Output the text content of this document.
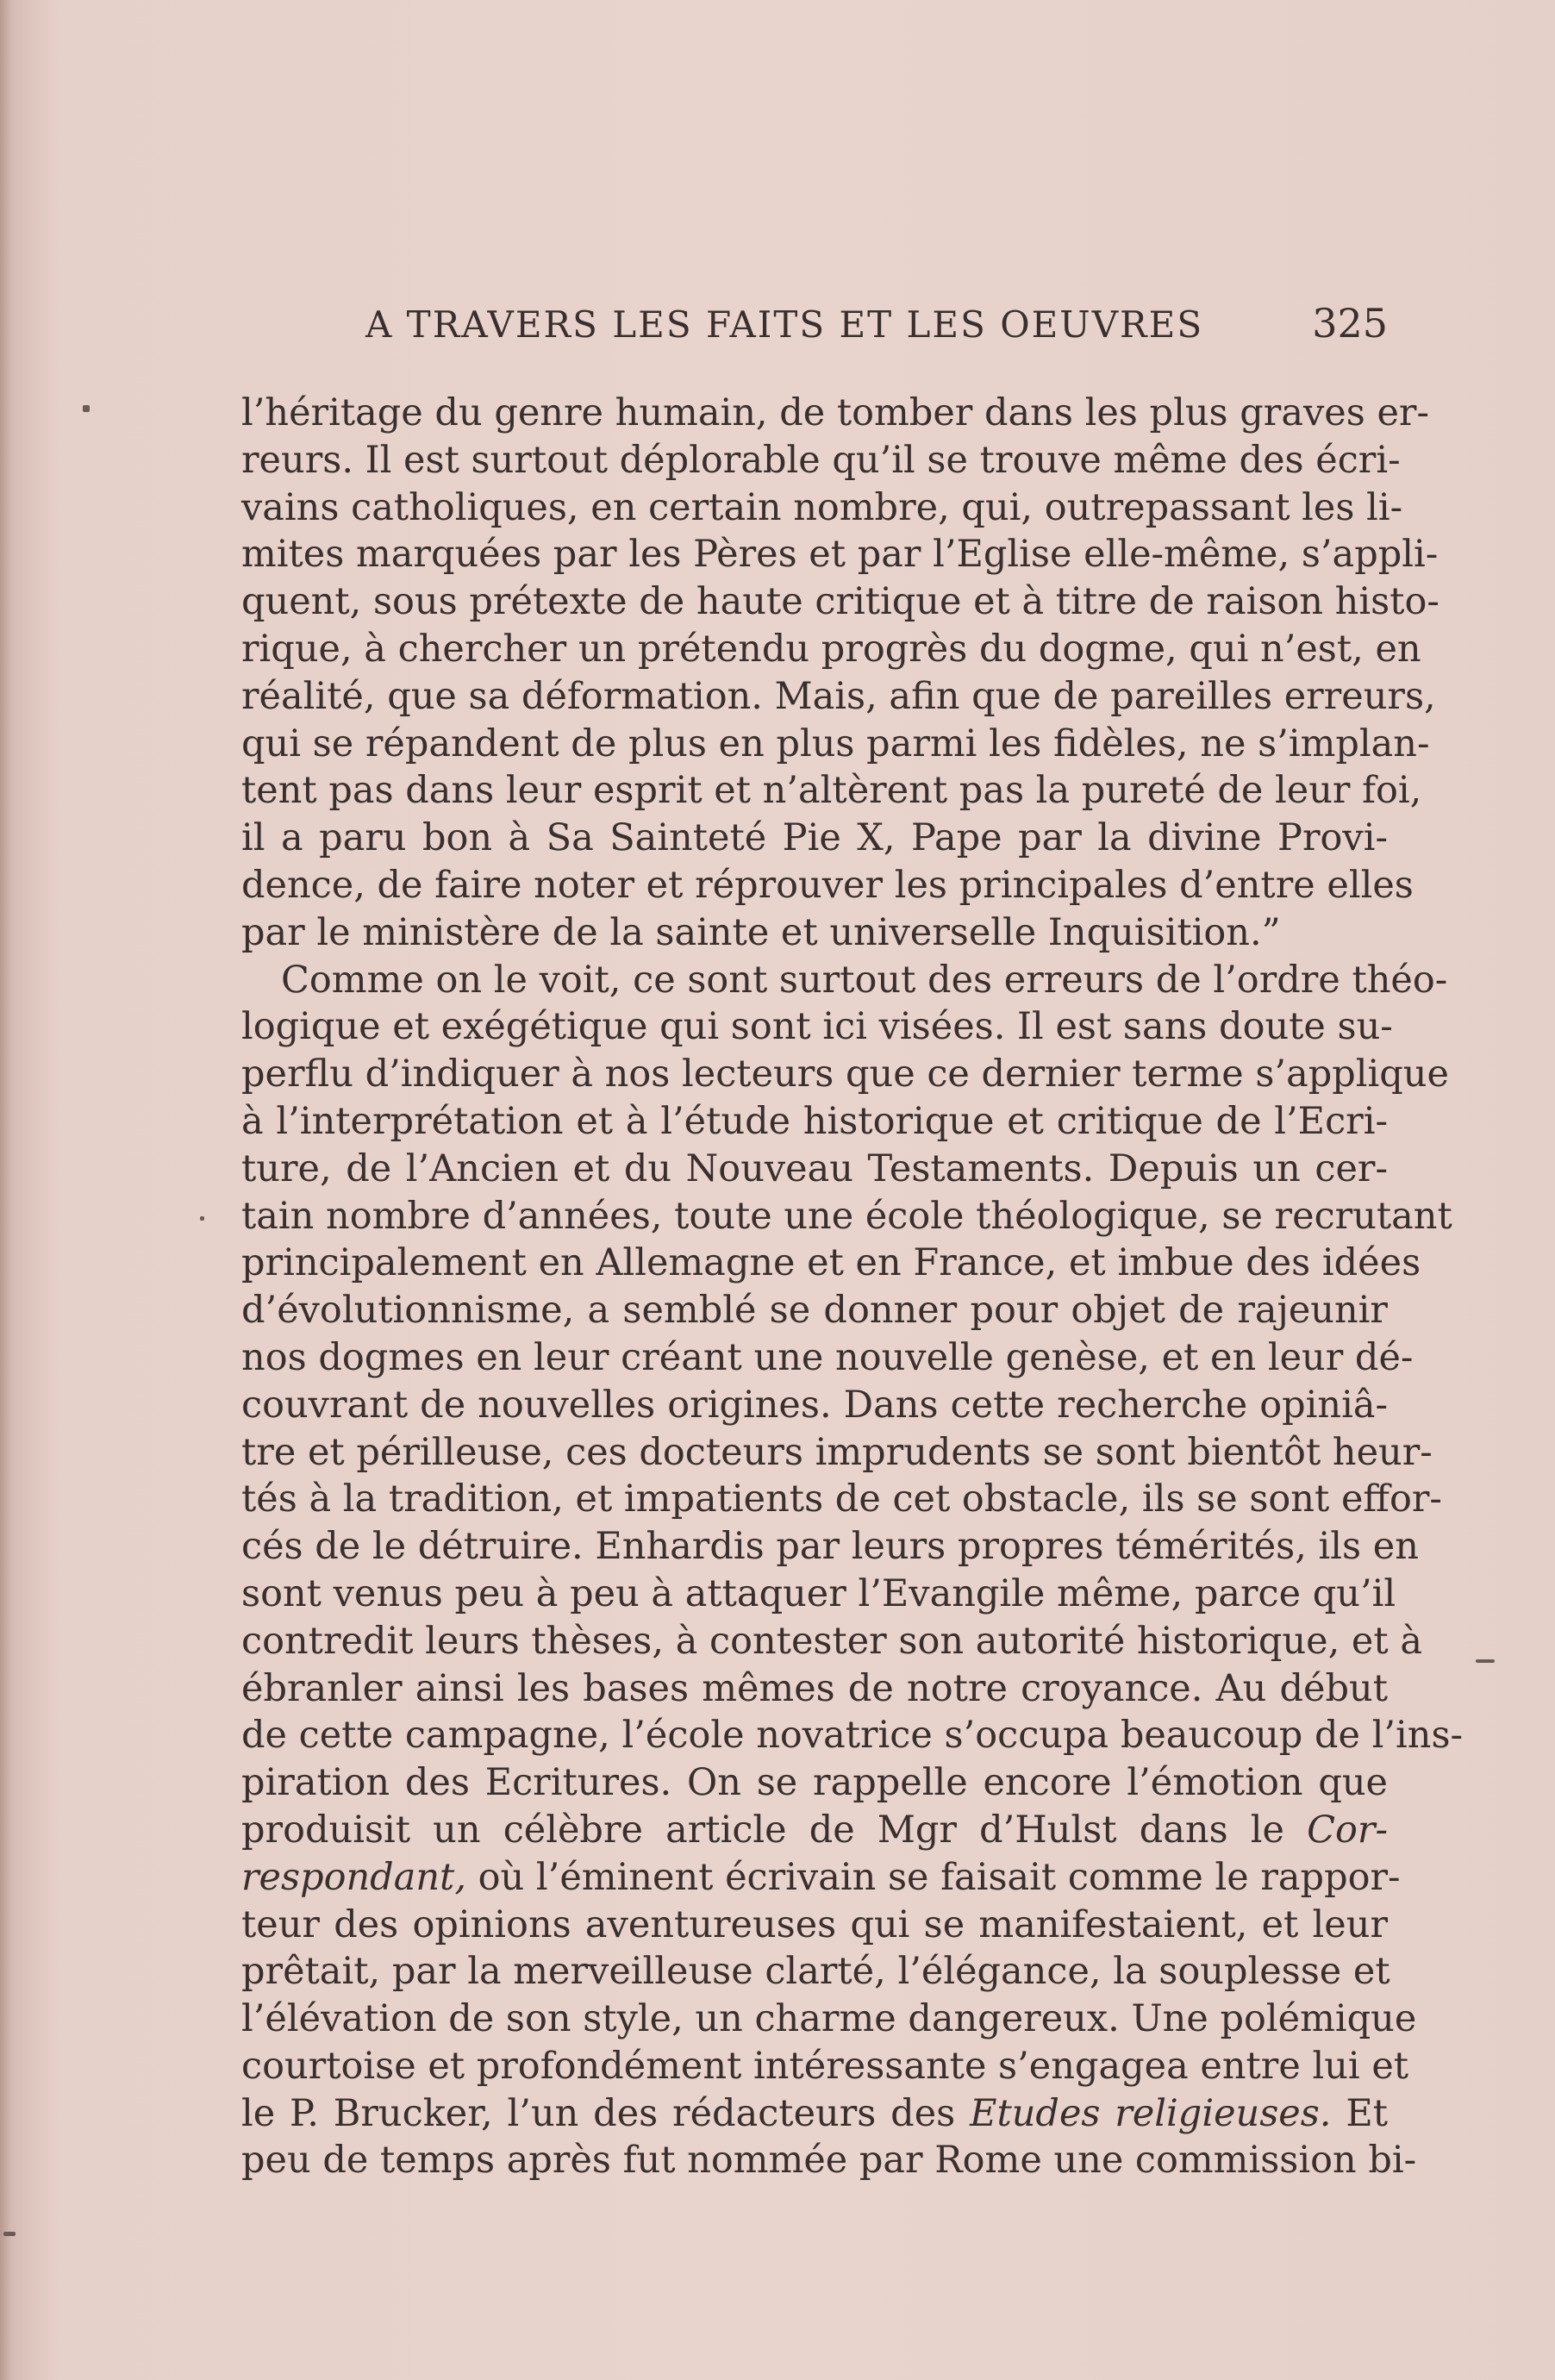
A TRAVERS LES FAITS ET LES OEUVRES	325
l’héritage du genre humain, de tomber dans les plus graves er-
reurs. Il est surtout déplorable qu’il se trouve même des écri-
vains catholiques, en certain nombre, qui, outrepassant les li-
mites marquées par les Pères et par l’Eglise elle-même, s’appli-
quent, sous prétexte de haute critique et à titre de raison histo-
rique, à chercher un prétendu progrès du dogme, qui n’est, en
réalité, que sa déformation. Mais, afin que de pareilles erreurs,
qui se répandent de plus en plus parmi les fidèles, ne s’implan-
tent pas dans leur esprit et n’altèrent pas la pureté de leur foi,
il a paru bon à Sa Sainteté Pie X, Pape par la divine Provi-
dence, de faire noter et réprouver les principales d’entre elles
par le ministère de la sainte et universelle Inquisition.”
Comme on le voit, ce sont surtout des erreurs de l’ordre théo-
logique et exégétique qui sont ici visées. Il est sans doute su-
perflu d’indiquer à nos lecteurs que ce dernier terme s’applique
à l’interprétation et à l’étude historique et critique de l’Ecri-
ture, de l’Ancien et du Nouveau Testaments. Depuis un cer-
tain nombre d’années, toute une école théologique, se recrutant
principalement en Allemagne et en France, et imbue des idées
d’évolutionnisme, a semblé se donner pour objet de rajeunir
nos dogmes en leur créant une nouvelle genèse, et en leur dé-
couvrant de nouvelles origines. Dans cette recherche opiniâ-
tre et périlleuse, ces docteurs imprudents se sont bientôt heur-
tés à la tradition, et impatients de cet obstacle, ils se sont effor-
cés de le détruire. Enhardis par leurs propres témérités, ils en
sont venus peu à peu à attaquer l’Evangile même, parce qu’il
contredit leurs thèses, à contester son autorité historique, et à
ébranler ainsi les bases mêmes de notre croyance. Au début
de cette campagne, l’école novatrice s’occupa beaucoup de l’ins-
piration des Ecritures. On se rappelle encore l’émotion que
produisit un célèbre article de Mgr d’Hulst dans le Cor-
respondant, où l’éminent écrivain se faisait comme le rappor-
teur des opinions aventureuses qui se manifestaient, et leur
prêtait, par la merveilleuse clarté, l’élégance, la souplesse et
l’élévation de son style, un charme dangereux. Une polémique
courtoise et profondément intéressante s’engagea entre lui et
le P. Brucker, l’un des rédacteurs des Etudes religieuses. Et
peu de temps après fut nommée par Rome une commission bi-
